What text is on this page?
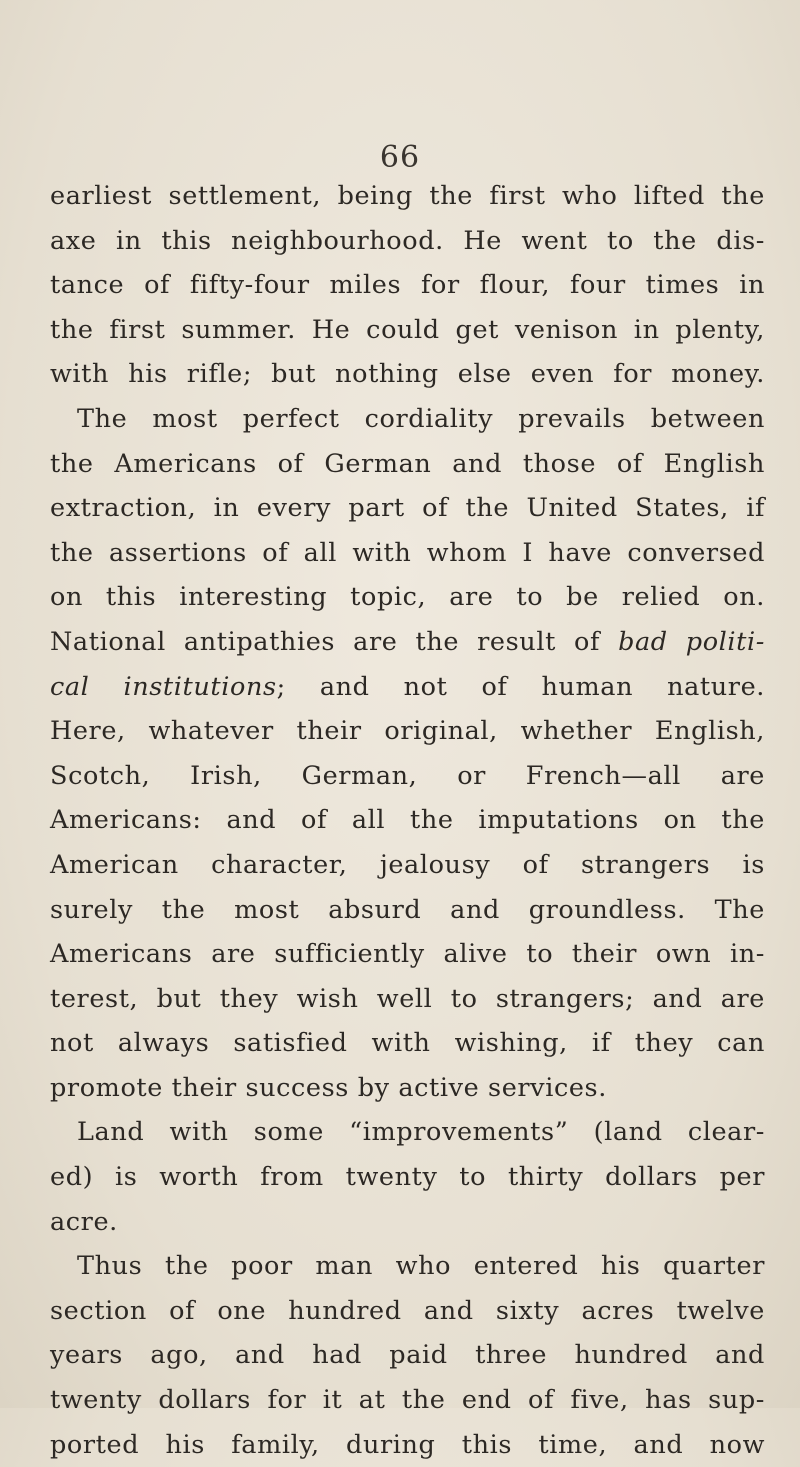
66
earliest settlement, being the first who lifted the
axe in this neighbourhood. He went to the dis-
tance of fifty-four miles for flour, four times in
the first summer. He could get venison in plenty,
with his rifle; but nothing else even for money.
The most perfect cordiality prevails between
the Americans of German and those of English
extraction, in every part of the United States, if
the assertions of all with whom I have conversed
on this interesting topic, are to be relied on.
National antipathies are the result of bad politi-
cal institutions; and not of human nature.
Here, whatever their original, whether English,
Scotch, Irish, German, or French—all are
Americans: and of all the imputations on the
American character, jealousy of strangers is
surely the most absurd and groundless. The
Americans are sufficiently alive to their own in-
terest, but they wish well to strangers; and are
not always satisfied with wishing, if they can
promote their success by active services.
Land with some “improvements” (land clear-
ed) is worth from twenty to thirty dollars per
acre.
Thus the poor man who entered his quarter
section of one hundred and sixty acres twelve
years ago, and had paid three hundred and
twenty dollars for it at the end of five, has sup-
ported his family, during this time, and now
